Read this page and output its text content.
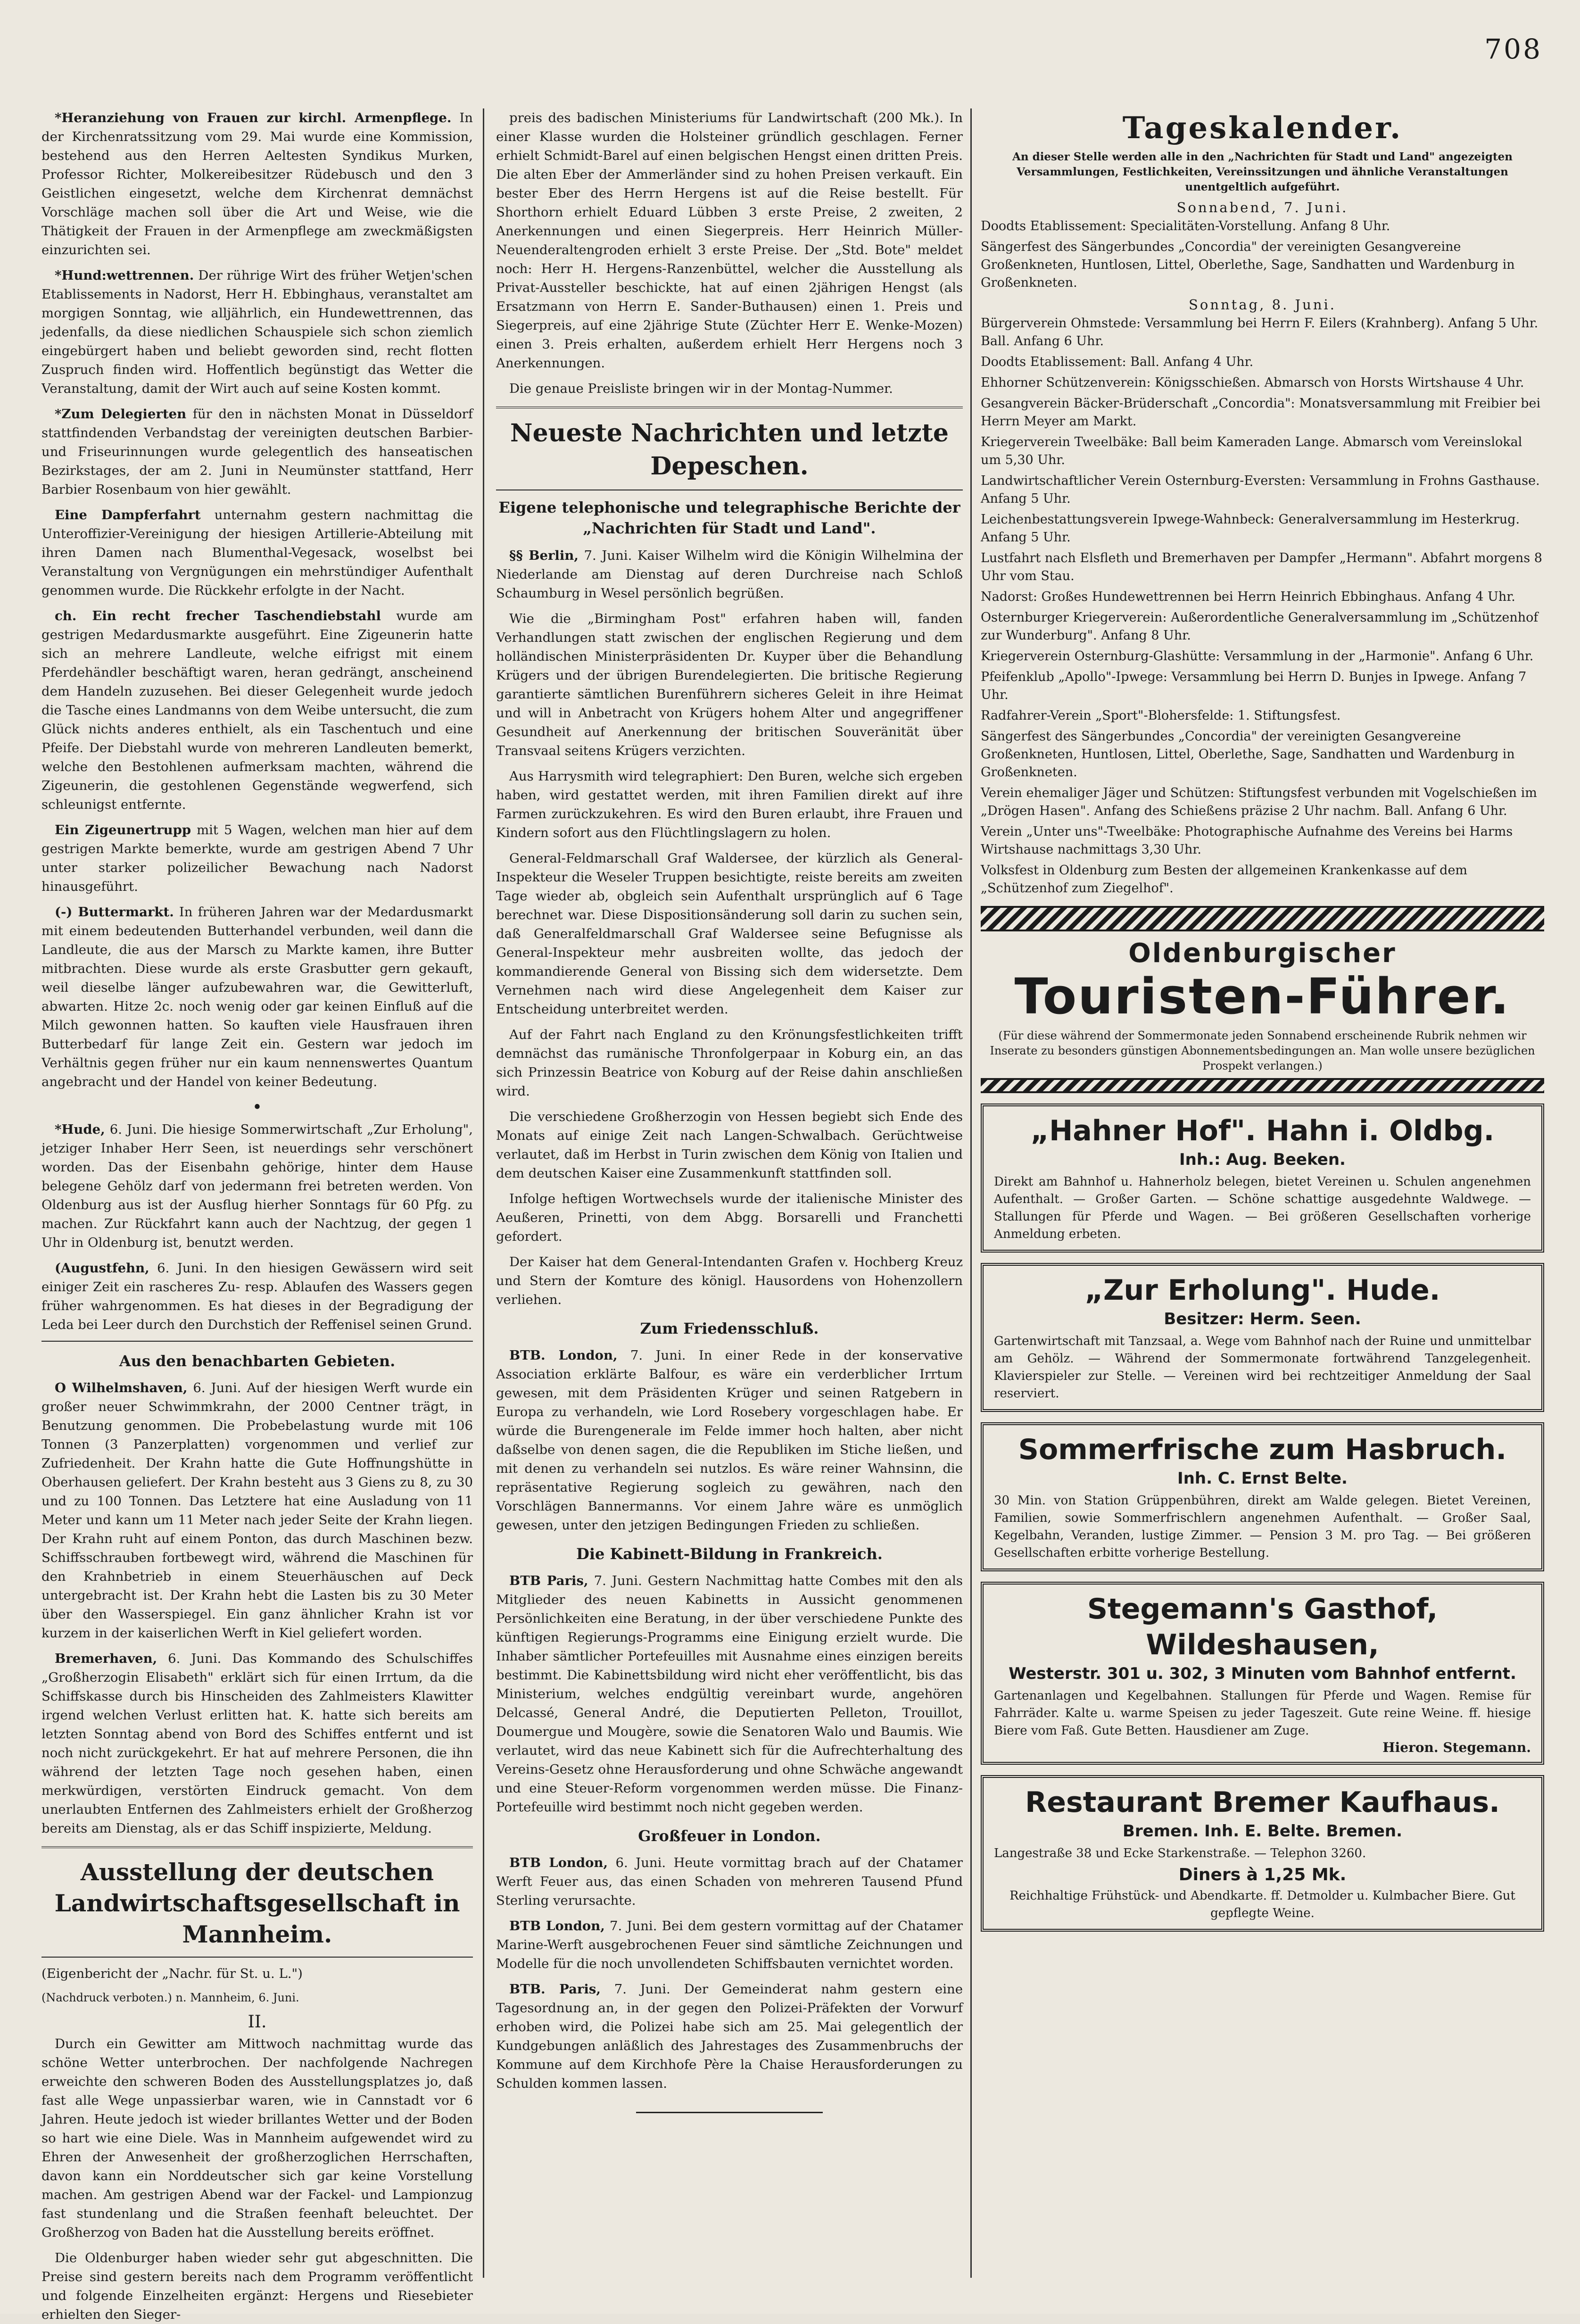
708

*Heranziehung von Frauen zur kirchl. Armenpflege. In der Kirchenratssitzung vom 29. Mai wurde eine Kommission, bestehend aus den Herren Aeltesten Syndikus Murken, Professor Richter, Molkereibesitzer Rüdebusch und den 3 Geistlichen eingesetzt, welche dem Kirchenrat demnächst Vorschläge machen soll über die Art und Weise, wie die Thätigkeit der Frauen in der Armenpflege am zweckmäßigsten einzurichten sei.

*Hund:wettrennen. Der rührige Wirt des früher Wetjen'schen Etablissements in Nadorst, Herr H. Ebbinghaus, veranstaltet am morgigen Sonntag, wie alljährlich, ein Hundewettrennen, das jedenfalls, da diese niedlichen Schauspiele sich schon ziemlich eingebürgert haben und beliebt geworden sind, recht flotten Zuspruch finden wird. Hoffentlich begünstigt das Wetter die Veranstaltung, damit der Wirt auch auf seine Kosten kommt.

*Zum Delegierten für den in nächsten Monat in Düsseldorf stattfindenden Verbandstag der vereinigten deutschen Barbier- und Friseurinnungen wurde gelegentlich des hanseatischen Bezirkstages, der am 2. Juni in Neumünster stattfand, Herr Barbier Rosenbaum von hier gewählt.

Eine Dampferfahrt unternahm gestern nachmittag die Unteroffizier-Vereinigung der hiesigen Artillerie-Abteilung mit ihren Damen nach Blumenthal-Vegesack, woselbst bei Veranstaltung von Vergnügungen ein mehrstündiger Aufenthalt genommen wurde. Die Rückkehr erfolgte in der Nacht.

ch. Ein recht frecher Taschendiebstahl wurde am gestrigen Medardusmarkte ausgeführt. Eine Zigeunerin hatte sich an mehrere Landleute, welche eifrigst mit einem Pferdehändler beschäftigt waren, heran gedrängt, anscheinend dem Handeln zuzusehen. Bei dieser Gelegenheit wurde jedoch die Tasche eines Landmanns von dem Weibe untersucht, die zum Glück nichts anderes enthielt, als ein Taschentuch und eine Pfeife. Der Diebstahl wurde von mehreren Landleuten bemerkt, welche den Bestohlenen aufmerksam machten, während die Zigeunerin, die gestohlenen Gegenstände wegwerfend, sich schleunigst entfernte.

Ein Zigeunertrupp mit 5 Wagen, welchen man hier auf dem gestrigen Markte bemerkte, wurde am gestrigen Abend 7 Uhr unter starker polizeilicher Bewachung nach Nadorst hinausgeführt.

(-) Buttermarkt. In früheren Jahren war der Medardusmarkt mit einem bedeutenden Butterhandel verbunden, weil dann die Landleute, die aus der Marsch zu Markte kamen, ihre Butter mitbrachten. Diese wurde als erste Grasbutter gern gekauft, weil dieselbe länger aufzubewahren war, die Gewitterluft, abwarten. Hitze 2c. noch wenig oder gar keinen Einfluß auf die Milch gewonnen hatten. So kauften viele Hausfrauen ihren Butterbedarf für lange Zeit ein. Gestern war jedoch im Verhältnis gegen früher nur ein kaum nennenswertes Quantum angebracht und der Handel von keiner Bedeutung.

•

*Hude, 6. Juni. Die hiesige Sommerwirtschaft „Zur Erholung", jetziger Inhaber Herr Seen, ist neuerdings sehr verschönert worden. Das der Eisenbahn gehörige, hinter dem Hause belegene Gehölz darf von jedermann frei betreten werden. Von Oldenburg aus ist der Ausflug hierher Sonntags für 60 Pfg. zu machen. Zur Rückfahrt kann auch der Nachtzug, der gegen 1 Uhr in Oldenburg ist, benutzt werden.

(Augustfehn, 6. Juni. In den hiesigen Gewässern wird seit einiger Zeit ein rascheres Zu- resp. Ablaufen des Wassers gegen früher wahrgenommen. Es hat dieses in der Begradigung der Leda bei Leer durch den Durchstich der Reffenisel seinen Grund.

Aus den benachbarten Gebieten.

O Wilhelmshaven, 6. Juni. Auf der hiesigen Werft wurde ein großer neuer Schwimmkrahn, der 2000 Centner trägt, in Benutzung genommen. Die Probebelastung wurde mit 106 Tonnen (3 Panzerplatten) vorgenommen und verlief zur Zufriedenheit. Der Krahn hatte die Gute Hoffnungshütte in Oberhausen geliefert. Der Krahn besteht aus 3 Giens zu 8, zu 30 und zu 100 Tonnen. Das Letztere hat eine Ausladung von 11 Meter und kann um 11 Meter nach jeder Seite der Krahn liegen. Der Krahn ruht auf einem Ponton, das durch Maschinen bezw. Schiffsschrauben fortbewegt wird, während die Maschinen für den Krahnbetrieb in einem Steuerhäuschen auf Deck untergebracht ist. Der Krahn hebt die Lasten bis zu 30 Meter über den Wasserspiegel. Ein ganz ähnlicher Krahn ist vor kurzem in der kaiserlichen Werft in Kiel geliefert worden.

Bremerhaven, 6. Juni. Das Kommando des Schulschiffes „Großherzogin Elisabeth" erklärt sich für einen Irrtum, da die Schiffskasse durch bis Hinscheiden des Zahlmeisters Klawitter irgend welchen Verlust erlitten hat. K. hatte sich bereits am letzten Sonntag abend von Bord des Schiffes entfernt und ist noch nicht zurückgekehrt. Er hat auf mehrere Personen, die ihn während der letzten Tage noch gesehen haben, einen merkwürdigen, verstörten Eindruck gemacht. Von dem unerlaubten Entfernen des Zahlmeisters erhielt der Großherzog bereits am Dienstag, als er das Schiff inspizierte, Meldung.

Ausstellung der deutschen Landwirtschaftsgesellschaft in Mannheim.

(Eigenbericht der „Nachr. für St. u. L.")

(Nachdruck verboten.) n. Mannheim, 6. Juni.

II.

Durch ein Gewitter am Mittwoch nachmittag wurde das schöne Wetter unterbrochen. Der nachfolgende Nachregen erweichte den schweren Boden des Ausstellungsplatzes jo, daß fast alle Wege unpassierbar waren, wie in Cannstadt vor 6 Jahren. Heute jedoch ist wieder brillantes Wetter und der Boden so hart wie eine Diele. Was in Mannheim aufgewendet wird zu Ehren der Anwesenheit der großherzoglichen Herrschaften, davon kann ein Norddeutscher sich gar keine Vorstellung machen. Am gestrigen Abend war der Fackel- und Lampionzug fast stundenlang und die Straßen feenhaft beleuchtet. Der Großherzog von Baden hat die Ausstellung bereits eröffnet.

Die Oldenburger haben wieder sehr gut abgeschnitten. Die Preise sind gestern bereits nach dem Programm veröffentlicht und folgende Einzelheiten ergänzt: Hergens und Riesebieter erhielten den Sieger-

preis des badischen Ministeriums für Landwirtschaft (200 Mk.). In einer Klasse wurden die Holsteiner gründlich geschlagen. Ferner erhielt Schmidt-Barel auf einen belgischen Hengst einen dritten Preis. Die alten Eber der Ammerländer sind zu hohen Preisen verkauft. Ein bester Eber des Herrn Hergens ist auf die Reise bestellt. Für Shorthorn erhielt Eduard Lübben 3 erste Preise, 2 zweiten, 2 Anerkennungen und einen Siegerpreis. Herr Heinrich Müller-Neuenderaltengroden erhielt 3 erste Preise. Der „Std. Bote" meldet noch: Herr H. Hergens-Ranzenbüttel, welcher die Ausstellung als Privat-Aussteller beschickte, hat auf einen 2jährigen Hengst (als Ersatzmann von Herrn E. Sander-Buthausen) einen 1. Preis und Siegerpreis, auf eine 2jährige Stute (Züchter Herr E. Wenke-Mozen) einen 3. Preis erhalten, außerdem erhielt Herr Hergens noch 3 Anerkennungen.

Die genaue Preisliste bringen wir in der Montag-Nummer.

Neueste Nachrichten und letzte Depeschen.
Eigene telephonische und telegraphische Berichte der „Nachrichten für Stadt und Land".

§§ Berlin, 7. Juni. Kaiser Wilhelm wird die Königin Wilhelmina der Niederlande am Dienstag auf deren Durchreise nach Schloß Schaumburg in Wesel persönlich begrüßen.

Wie die „Birmingham Post" erfahren haben will, fanden Verhandlungen statt zwischen der englischen Regierung und dem holländischen Ministerpräsidenten Dr. Kuyper über die Behandlung Krügers und der übrigen Burendelegierten. Die britische Regierung garantierte sämtlichen Burenführern sicheres Geleit in ihre Heimat und will in Anbetracht von Krügers hohem Alter und angegriffener Gesundheit auf Anerkennung der britischen Souveränität über Transvaal seitens Krügers verzichten.

Aus Harrysmith wird telegraphiert: Den Buren, welche sich ergeben haben, wird gestattet werden, mit ihren Familien direkt auf ihre Farmen zurückzukehren. Es wird den Buren erlaubt, ihre Frauen und Kindern sofort aus den Flüchtlingslagern zu holen.

General-Feldmarschall Graf Waldersee, der kürzlich als General-Inspekteur die Weseler Truppen besichtigte, reiste bereits am zweiten Tage wieder ab, obgleich sein Aufenthalt ursprünglich auf 6 Tage berechnet war. Diese Dispositionsänderung soll darin zu suchen sein, daß Generalfeldmarschall Graf Waldersee seine Befugnisse als General-Inspekteur mehr ausbreiten wollte, das jedoch der kommandierende General von Bissing sich dem widersetzte. Dem Vernehmen nach wird diese Angelegenheit dem Kaiser zur Entscheidung unterbreitet werden.

Auf der Fahrt nach England zu den Krönungsfestlichkeiten trifft demnächst das rumänische Thronfolgerpaar in Koburg ein, an das sich Prinzessin Beatrice von Koburg auf der Reise dahin anschließen wird.

Die verschiedene Großherzogin von Hessen begiebt sich Ende des Monats auf einige Zeit nach Langen-Schwalbach. Gerüchtweise verlautet, daß im Herbst in Turin zwischen dem König von Italien und dem deutschen Kaiser eine Zusammenkunft stattfinden soll.

Infolge heftigen Wortwechsels wurde der italienische Minister des Aeußeren, Prinetti, von dem Abgg. Borsarelli und Franchetti gefordert.

Der Kaiser hat dem General-Intendanten Grafen v. Hochberg Kreuz und Stern der Komture des königl. Hausordens von Hohenzollern verliehen.

Zum Friedensschluß.

BTB. London, 7. Juni. In einer Rede in der konservative Association erklärte Balfour, es wäre ein verderblicher Irrtum gewesen, mit dem Präsidenten Krüger und seinen Ratgebern in Europa zu verhandeln, wie Lord Rosebery vorgeschlagen habe. Er würde die Burengenerale im Felde immer hoch halten, aber nicht daßselbe von denen sagen, die die Republiken im Stiche ließen, und mit denen zu verhandeln sei nutzlos. Es wäre reiner Wahnsinn, die repräsentative Regierung sogleich zu gewähren, nach den Vorschlägen Bannermanns. Vor einem Jahre wäre es unmöglich gewesen, unter den jetzigen Bedingungen Frieden zu schließen.

Die Kabinett-Bildung in Frankreich.

BTB Paris, 7. Juni. Gestern Nachmittag hatte Combes mit den als Mitglieder des neuen Kabinetts in Aussicht genommenen Persönlichkeiten eine Beratung, in der über verschiedene Punkte des künftigen Regierungs-Programms eine Einigung erzielt wurde. Die Inhaber sämtlicher Portefeuilles mit Ausnahme eines einzigen bereits bestimmt. Die Kabinettsbildung wird nicht eher veröffentlicht, bis das Ministerium, welches endgültig vereinbart wurde, angehören Delcassé, General André, die Deputierten Pelleton, Trouillot, Doumergue und Mougère, sowie die Senatoren Walo und Baumis. Wie verlautet, wird das neue Kabinett sich für die Aufrechterhaltung des Vereins-Gesetz ohne Herausforderung und ohne Schwäche angewandt und eine Steuer-Reform vorgenommen werden müsse. Die Finanz-Portefeuille wird bestimmt noch nicht gegeben werden.

Großfeuer in London.

BTB London, 6. Juni. Heute vormittag brach auf der Chatamer Werft Feuer aus, das einen Schaden von mehreren Tausend Pfund Sterling verursachte.

BTB London, 7. Juni. Bei dem gestern vormittag auf der Chatamer Marine-Werft ausgebrochenen Feuer sind sämtliche Zeichnungen und Modelle für die noch unvollendeten Schiffsbauten vernichtet worden.

BTB. Paris, 7. Juni. Der Gemeinderat nahm gestern eine Tagesordnung an, in der gegen den Polizei-Präfekten der Vorwurf erhoben wird, die Polizei habe sich am 25. Mai gelegentlich der Kundgebungen anläßlich des Jahrestages des Zusammenbruchs der Kommune auf dem Kirchhofe Père la Chaise Herausforderungen zu Schulden kommen lassen.

Tageskalender.

An dieser Stelle werden alle in den „Nachrichten für Stadt und Land" angezeigten Versammlungen, Festlichkeiten, Vereinssitzungen und ähnliche Veranstaltungen unentgeltlich aufgeführt.

Sonnabend, 7. Juni.

Doodts Etablissement: Specialitäten-Vorstellung. Anfang 8 Uhr.

Sängerfest des Sängerbundes „Concordia" der vereinigten Gesangvereine Großenkneten, Huntlosen, Littel, Oberlethe, Sage, Sandhatten und Wardenburg in Großenkneten.

Sonntag, 8. Juni.

Bürgerverein Ohmstede: Versammlung bei Herrn F. Eilers (Krahnberg). Anfang 5 Uhr. Ball. Anfang 6 Uhr.

Doodts Etablissement: Ball. Anfang 4 Uhr.

Ehhorner Schützenverein: Königsschießen. Abmarsch von Horsts Wirtshause 4 Uhr.

Gesangverein Bäcker-Brüderschaft „Concordia": Monatsversammlung mit Freibier bei Herrn Meyer am Markt.

Kriegerverein Tweelbäke: Ball beim Kameraden Lange. Abmarsch vom Vereinslokal um 5,30 Uhr.

Landwirtschaftlicher Verein Osternburg-Eversten: Versammlung in Frohns Gasthause. Anfang 5 Uhr.

Leichenbestattungsverein Ipwege-Wahnbeck: Generalversammlung im Hesterkrug. Anfang 5 Uhr.

Lustfahrt nach Elsfleth und Bremerhaven per Dampfer „Hermann". Abfahrt morgens 8 Uhr vom Stau.

Nadorst: Großes Hundewettrennen bei Herrn Heinrich Ebbinghaus. Anfang 4 Uhr.

Osternburger Kriegerverein: Außerordentliche Generalversammlung im „Schützenhof zur Wunderburg". Anfang 8 Uhr.

Kriegerverein Osternburg-Glashütte: Versammlung in der „Harmonie". Anfang 6 Uhr.

Pfeifenklub „Apollo"-Ipwege: Versammlung bei Herrn D. Bunjes in Ipwege. Anfang 7 Uhr.

Radfahrer-Verein „Sport"-Blohersfelde: 1. Stiftungsfest.

Sängerfest des Sängerbundes „Concordia" der vereinigten Gesangvereine Großenkneten, Huntlosen, Littel, Oberlethe, Sage, Sandhatten und Wardenburg in Großenkneten.

Verein ehemaliger Jäger und Schützen: Stiftungsfest verbunden mit Vogelschießen im „Drögen Hasen". Anfang des Schießens präzise 2 Uhr nachm. Ball. Anfang 6 Uhr.

Verein „Unter uns"-Tweelbäke: Photographische Aufnahme des Vereins bei Harms Wirtshause nachmittags 3,30 Uhr.

Volksfest in Oldenburg zum Besten der allgemeinen Krankenkasse auf dem „Schützenhof zum Ziegelhof".

Oldenburgischer
Touristen-Führer.

(Für diese während der Sommermonate jeden Sonnabend erscheinende Rubrik nehmen wir Inserate zu besonders günstigen Abonnementsbedingungen an. Man wolle unsere bezüglichen Prospekt verlangen.)

„Hahner Hof". Hahn i. Oldbg.
Inh.: Aug. Beeken.

Direkt am Bahnhof u. Hahnerholz belegen, bietet Vereinen u. Schulen angenehmen Aufenthalt. — Großer Garten. — Schöne schattige ausgedehnte Waldwege. — Stallungen für Pferde und Wagen. — Bei größeren Gesellschaften vorherige Anmeldung erbeten.

„Zur Erholung". Hude.
Besitzer: Herm. Seen.

Gartenwirtschaft mit Tanzsaal, a. Wege vom Bahnhof nach der Ruine und unmittelbar am Gehölz. — Während der Sommermonate fortwährend Tanzgelegenheit. Klavierspieler zur Stelle. — Vereinen wird bei rechtzeitiger Anmeldung der Saal reserviert.

Sommerfrische zum Hasbruch.
Inh. C. Ernst Belte.

30 Min. von Station Grüppenbühren, direkt am Walde gelegen. Bietet Vereinen, Familien, sowie Sommerfrischlern angenehmen Aufenthalt. — Großer Saal, Kegelbahn, Veranden, lustige Zimmer. — Pension 3 M. pro Tag. — Bei größeren Gesellschaften erbitte vorherige Bestellung.

Stegemann's Gasthof, Wildeshausen,
Westerstr. 301 u. 302, 3 Minuten vom Bahnhof entfernt.

Gartenanlagen und Kegelbahnen. Stallungen für Pferde und Wagen. Remise für Fahrräder. Kalte u. warme Speisen zu jeder Tageszeit. Gute reine Weine. ff. hiesige Biere vom Faß. Gute Betten. Hausdiener am Zuge.

Hieron. Stegemann.
Restaurant Bremer Kaufhaus.
Bremen. Inh. E. Belte. Bremen.

Langestraße 38 und Ecke Starkenstraße. — Telephon 3260.

Diners à 1,25 Mk.

Reichhaltige Frühstück- und Abendkarte. ff. Detmolder u. Kulmbacher Biere. Gut gepflegte Weine.
